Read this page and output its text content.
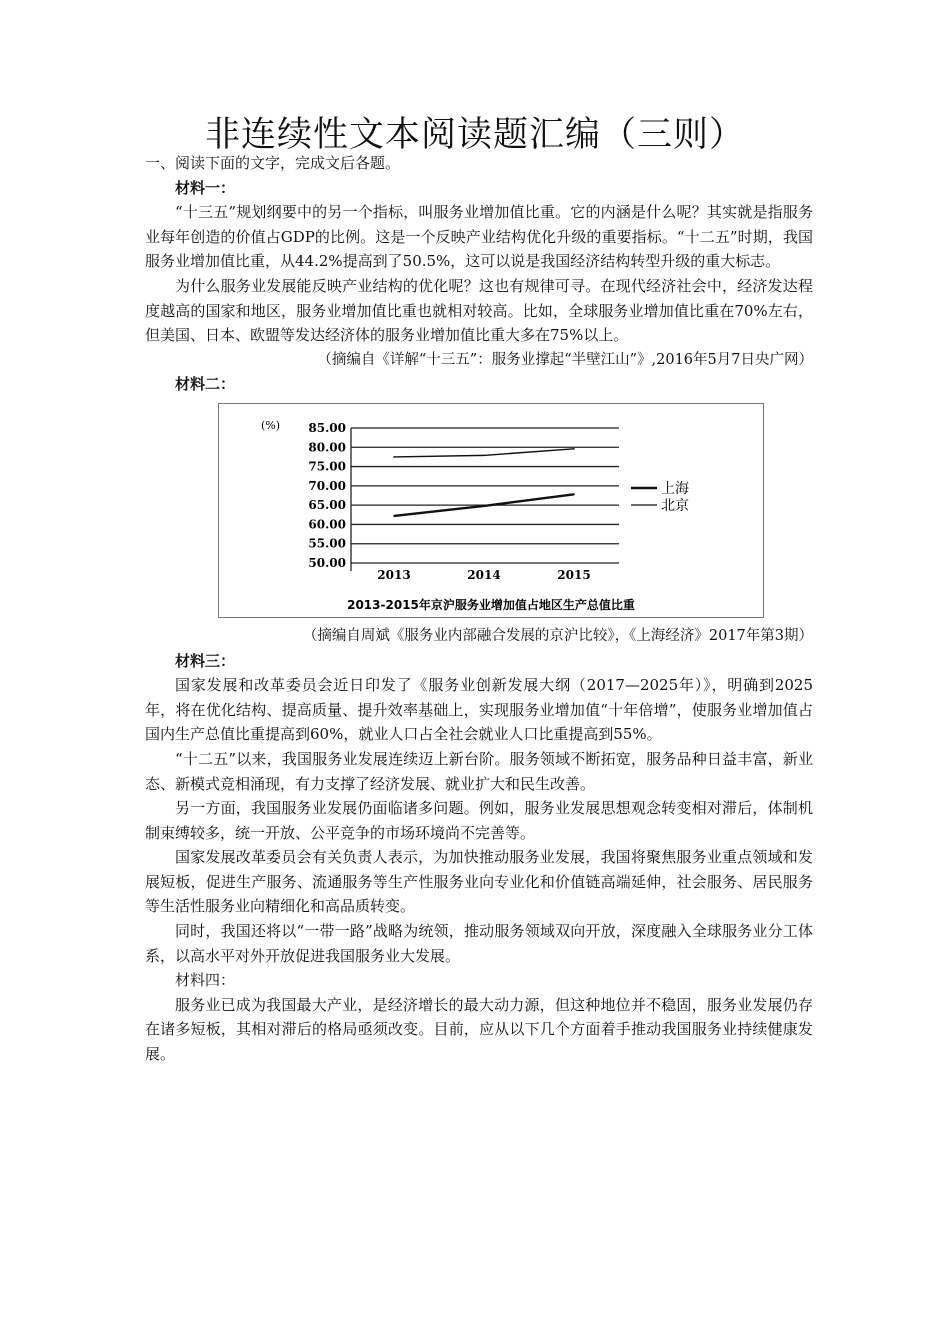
非连续性文本阅读题汇编（三则）

一、阅读下面的文字，完成文后各题。

材料一：

“十三五”规划纲要中的另一个指标，叫服务业增加值比重。它的内涵是什么呢？其实就是指服务业每年创造的价值占GDP的比例。这是一个反映产业结构优化升级的重要指标。“十二五”时期，我国服务业增加值比重，从44.2%提高到了50.5%，这可以说是我国经济结构转型升级的重大标志。

为什么服务业发展能反映产业结构的优化呢？这也有规律可寻。在现代经济社会中，经济发达程度越高的国家和地区，服务业增加值比重也就相对较高。比如，全球服务业增加值比重在70%左右，但美国、日本、欧盟等发达经济体的服务业增加值比重大多在75%以上。

（摘编自《详解“十三五”：服务业撑起“半壁江山”》,2016年5月7日央广网）

材料二：

(%) 85.00
80.00
75.00
70.00
65.00
60.00
55.00
50.00
2013	2014	2015
上海
北京
2013-2015年京沪服务业增加值占地区生产总值比重

（摘编自周斌《服务业内部融合发展的京沪比较》，《上海经济》2017年第3期）

材料三：

国家发展和改革委员会近日印发了《服务业创新发展大纲（2017—2025年）》，明确到2025年，将在优化结构、提高质量、提升效率基础上，实现服务业增加值“十年倍增”，使服务业增加值占国内生产总值比重提高到60%，就业人口占全社会就业人口比重提高到55%。

“十二五”以来，我国服务业发展连续迈上新台阶。服务领域不断拓宽，服务品种日益丰富，新业态、新模式竞相涌现，有力支撑了经济发展、就业扩大和民生改善。

另一方面，我国服务业发展仍面临诸多问题。例如，服务业发展思想观念转变相对滞后，体制机制束缚较多，统一开放、公平竞争的市场环境尚不完善等。

国家发展改革委员会有关负责人表示，为加快推动服务业发展，我国将聚焦服务业重点领域和发展短板，促进生产服务、流通服务等生产性服务业向专业化和价值链高端延伸，社会服务、居民服务等生活性服务业向精细化和高品质转变。

同时，我国还将以“一带一路”战略为统领，推动服务领域双向开放，深度融入全球服务业分工体系，以高水平对外开放促进我国服务业大发展。

材料四：

服务业已成为我国最大产业，是经济增长的最大动力源，但这种地位并不稳固，服务业发展仍存在诸多短板，其相对滞后的格局亟须改变。目前，应从以下几个方面着手推动我国服务业持续健康发展。
